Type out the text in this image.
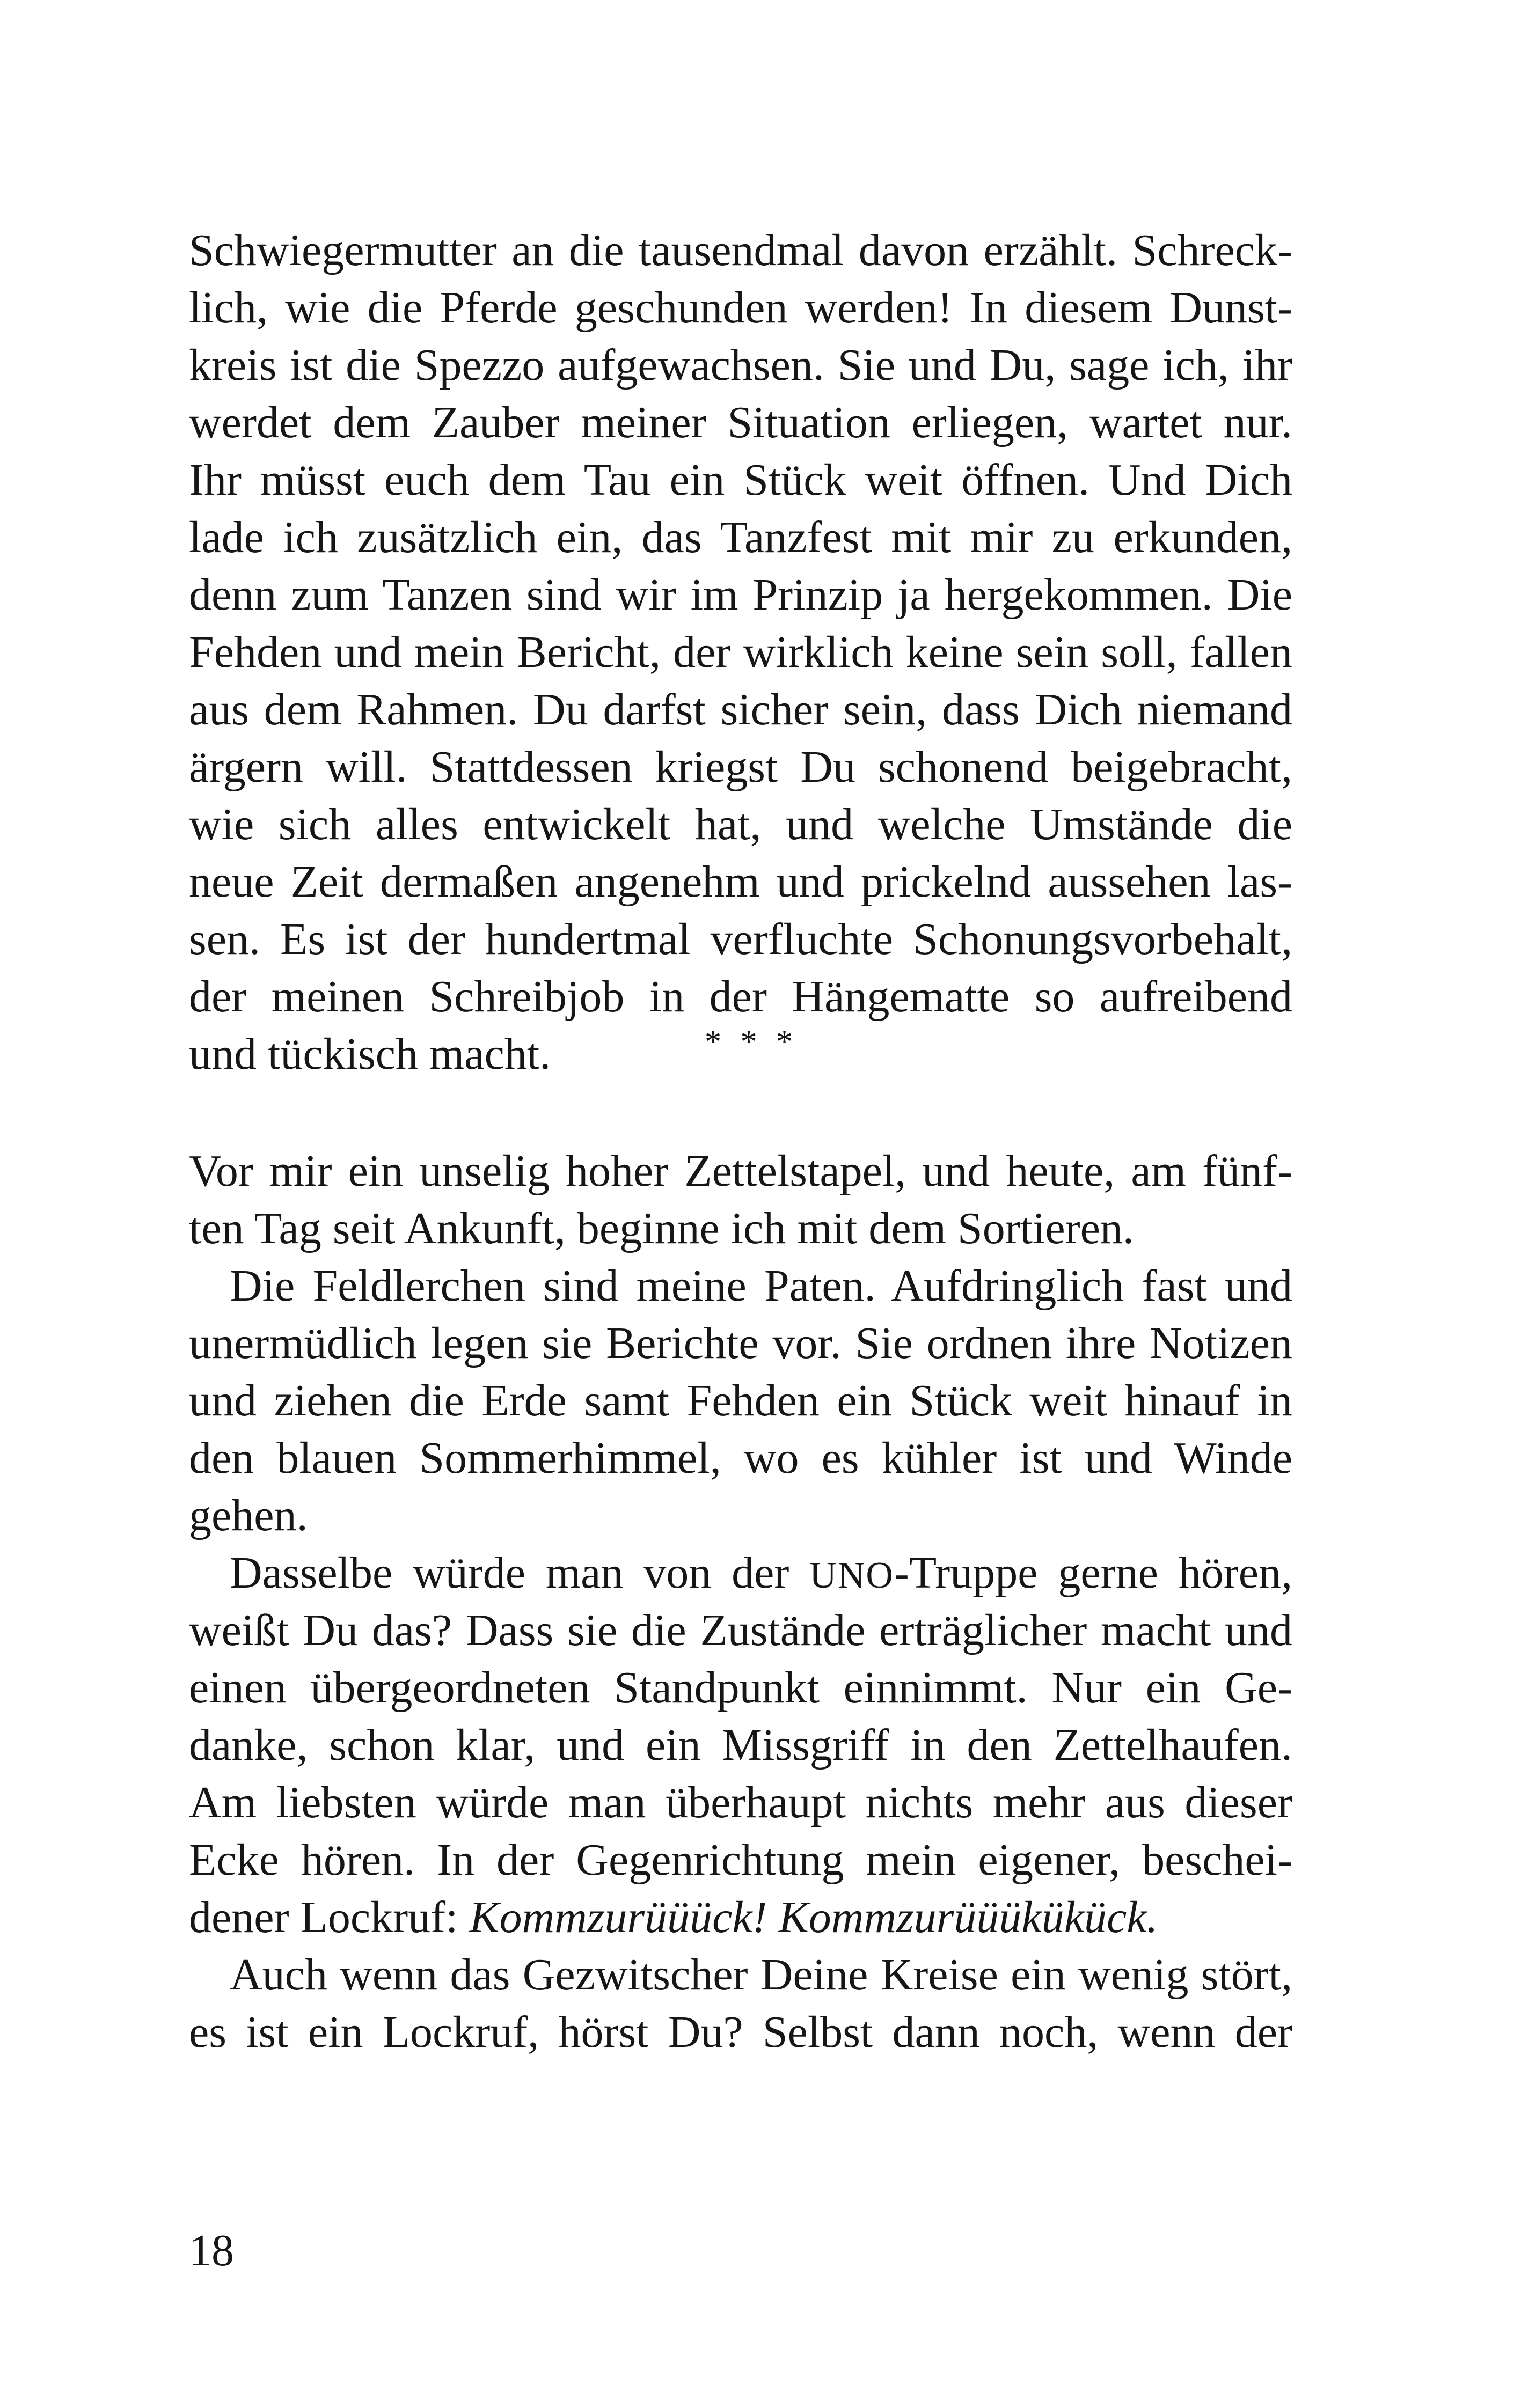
Schwiegermutter an die tausendmal davon erzählt. Schreck-
lich, wie die Pferde geschunden werden! In diesem Dunst-
kreis ist die Spezzo aufgewachsen. Sie und Du, sage ich, ihr
werdet dem Zauber meiner Situation erliegen, wartet nur.
Ihr müsst euch dem Tau ein Stück weit öffnen. Und Dich
lade ich zusätzlich ein, das Tanzfest mit mir zu erkunden,
denn zum Tanzen sind wir im Prinzip ja hergekommen. Die
Fehden und mein Bericht, der wirklich keine sein soll, fallen
aus dem Rahmen. Du darfst sicher sein, dass Dich niemand
ärgern will. Stattdessen kriegst Du schonend beigebracht,
wie sich alles entwickelt hat, und welche Umstände die
neue Zeit dermaßen angenehm und prickelnd aussehen las-
sen. Es ist der hundertmal verfluchte Schonungsvorbehalt,
der meinen Schreibjob in der Hängematte so aufreibend
und tückisch macht.	* * *
Vor mir ein unselig hoher Zettelstapel, und heute, am fünf-
ten Tag seit Ankunft, beginne ich mit dem Sortieren.
Die Feldlerchen sind meine Paten. Aufdringlich fast und
unermüdlich legen sie Berichte vor. Sie ordnen ihre Notizen
und ziehen die Erde samt Fehden ein Stück weit hinauf in
den blauen Sommerhimmel, wo es kühler ist und Winde
gehen.
Dasselbe würde man von der UNO-Truppe gerne hören,
weißt Du das? Dass sie die Zustände erträglicher macht und
einen übergeordneten Standpunkt einnimmt. Nur ein Ge-
danke, schon klar, und ein Missgriff in den Zettelhaufen.
Am liebsten würde man überhaupt nichts mehr aus dieser
Ecke hören. In der Gegenrichtung mein eigener, beschei-
dener Lockruf: Kommzurüüück! Kommzurüüükükück.
Auch wenn das Gezwitscher Deine Kreise ein wenig stört,
es ist ein Lockruf, hörst Du? Selbst dann noch, wenn der
18
